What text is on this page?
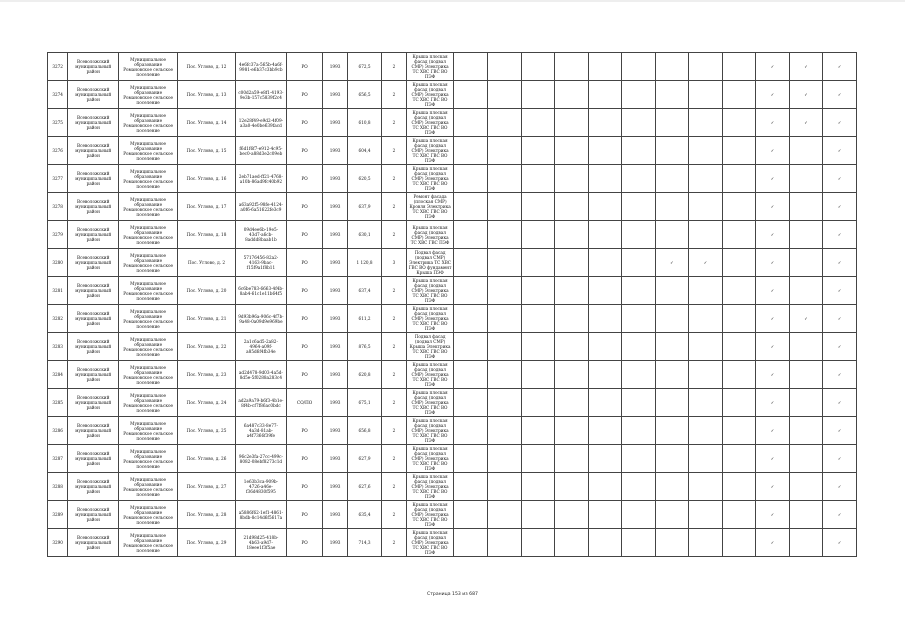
3272	Всеволожский муниципальный район	Муниципальное образование Романовское сельское поселение	Пос. Углово, д. 12	4e6fc37a-565b-4a6f-9981-e6b37c3bb9cb	РО	1993	672,5	2	Крыша плоская фасад (подвал СМР) Электрика ТС ХВС ГВС ВО ПЭФ										✓	✓	✓
3274	Всеволожский муниципальный район	Муниципальное образование Романовское сельское поселение	Пос. Углово, д. 13	c00d2a59-e8f1-4193-9e3b-157c5839f2c4	РО	1993	656,5	2	Крыша плоская фасад (подвал СМР) Электрика ТС ХВС ГВС ВО ПЭФ										✓	✓	✓
3275	Всеволожский муниципальный район	Муниципальное образование Романовское сельское поселение	Пос. Углово, д. 14	12e28f49-e9d2-4f09-a3a0-4e0be639facd	РО	1993	610,8	2	Крыша плоская фасад (подвал СМР) Электрика ТС ХВС ГВС ВО ПЭФ										✓	✓	✓
3276	Всеволожский муниципальный район	Муниципальное образование Романовское сельское поселение	Пос. Углово, д. 15	f6d1f6f7-e912-4c95-bec0-a88d3e2c09eb	РО	1993	604,4	2	Крыша плоская фасад (подвал СМР) Электрика ТС ХВС ГВС ВО ПЭФ										✓		✓
3277	Всеволожский муниципальный район	Муниципальное образование Романовское сельское поселение	Пос. Углово, д. 16	2eb71aed-ff21-4768-a10b-86ad9fc40b92	РО	1993	620,5	2	Крыша плоская фасад (подвал СМР) Электрика ТС ХВС ГВС ВО ПЭФ										✓		✓
3278	Всеволожский муниципальный район	Муниципальное образование Романовское сельское поселение	Пос. Углово, д. 17	a63a92f5-98fe-4124-a0f6-6a51622fe3c9	РО	1993	637,9	2	Ремонт фасада (плоская СМР) Кровля Электрика ТС ХВС ГВС ВО ПЭФ										✓		✓
3279	Всеволожский муниципальный район	Муниципальное образование Романовское сельское поселение	Пос. Углово, д. 18	09d4ee6b-19e5-43d7-a6cb-8addd8baab1b	РО	1993	630,1	2	Крыша плоская фасад (подвал СМР) Электрика ТС ХВС ГВС ПЭФ										✓		✓
3280	Всеволожский муниципальный район	Муниципальное образование Романовское сельское поселение	Пос. Углово, д. 2	57176456-82a2-4163-9bac-f15f9a1f8b11	РО	1993	1 120,8	3	Подвал фасад (подвал СМР) Электрика ТС ХВС ГВС ВО фундамент Крыша ПЭФ							✓	✓		✓		✓
3281	Всеволожский муниципальный район	Муниципальное образование Романовское сельское поселение	Пос. Углово, д. 20	6c6be783-6663-4f4b-8ab4-61c1e11b64f5	РО	1993	637,4	2	Крыша плоская фасад (подвал СМР) Электрика ТС ХВС ГВС ВО ПЭФ										✓		✓
3282	Всеволожский муниципальный район	Муниципальное образование Романовское сельское поселение	Пос. Углово, д. 21	9d93b96a-906c-4f7b-9a48-0a09d9e969be	РО	1993	611,2	2	Крыша плоская фасад (подвал СМР) Электрика ТС ХВС ГВС ВО ПЭФ										✓	✓	✓
3283	Всеволожский муниципальный район	Муниципальное образование Романовское сельское поселение	Пос. Углово, д. 22	2a1c6ad5-2a82-4964-a09f-a85d6f4fb34e	РО	1993	876,5	2	Подвал фасад (подвал СМР) Крыша Электрика ТС ХВС ГВС ВО ПЭФ										✓		✓
3284	Всеволожский муниципальный район	Муниципальное образование Романовское сельское поселение	Пос. Углово, д. 23	ad2d478-9d03-4a5d-8d5e-5f0288a283c4	РО	1993	620,8	2	Крыша плоская фасад (подвал СМР) Электрика ТС ХВС ГВС ВО ПЭФ										✓		✓
3285	Всеволожский муниципальный район	Муниципальное образование Романовское сельское поселение	Пос. Углово, д. 24	ad2a9a79-b6f3-4b1e-8f4b-cf7f86ac0bdc	СО/ПО	1993	675,1	2	Крыша плоская фасад (подвал СМР) Электрика ТС ХВС ГВС ВО ПЭФ										✓		✓
3286	Всеволожский муниципальный район	Муниципальное образование Романовское сельское поселение	Пос. Углово, д. 25	6a487c33-8e77-4a3d-81ab-a4f7366f39fe	РО	1993	656,8	2	Крыша плоская фасад (подвал СМР) Электрика ТС ХВС ГВС ВО ПЭФ										✓		✓
3287	Всеволожский муниципальный район	Муниципальное образование Романовское сельское поселение	Пос. Углово, д. 26	96c2e3fa-27cc-499c-8082-08ebf8273c1d	РО	1993	627,9	2	Крыша плоская фасад (подвал СМР) Электрика ТС ХВС ГВС ВО ПЭФ										✓		✓
3288	Всеволожский муниципальный район	Муниципальное образование Романовское сельское поселение	Пос. Углово, д. 27	1e63b3ca-909b-4726-a46e-f36d4830f595	РО	1993	627,6	2	Крыша плоская фасад (подвал СМР) Электрика ТС ХВС ГВС ВО ПЭФ										✓		✓
3289	Всеволожский муниципальный район	Муниципальное образование Романовское сельское поселение	Пос. Углово, д. 28	a5886f62-1ef1-4861-8bdb-8c14d6f5617a	РО	1993	635,4	2	Крыша плоская фасад (подвал СМР) Электрика ТС ХВС ГВС ВО ПЭФ										✓		✓
3290	Всеволожский муниципальный район	Муниципальное образование Романовское сельское поселение	Пос. Углово, д. 29	21d98d25-418b-4b63-a9d7-18eee1f3f5ae	РО	1993	714,3	2	Крыша плоская фасад (подвал СМР) Электрика ТС ХВС ГВС ВО ПЭФ										✓		✓
Страница 153 из 687
